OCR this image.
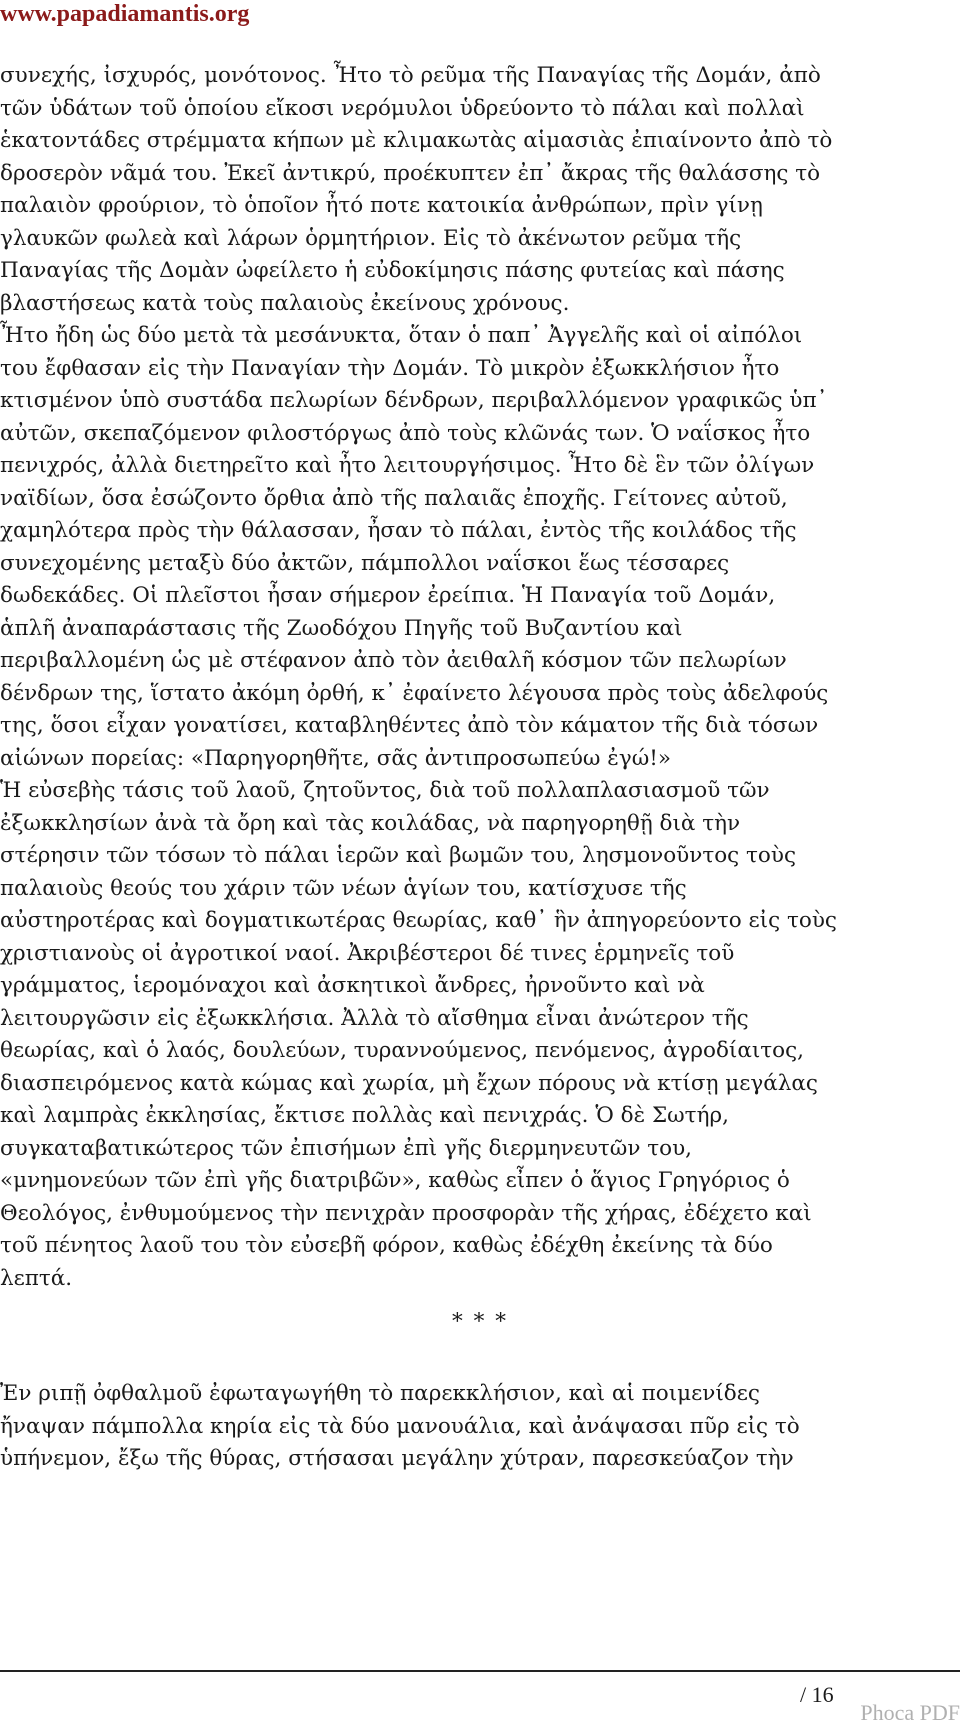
www.papadiamantis.org

συνεχής, ἰσχυρός, μονότονος. Ἦτο τὸ ρεῦμα τῆς Παναγίας τῆς Δομάν, ἀπὸ
τῶν ὑδάτων τοῦ ὁποίου εἴκοσι νερόμυλοι ὑδρεύοντο τὸ πάλαι καὶ πολλαὶ
ἑκατοντάδες στρέμματα κήπων μὲ κλιμακωτὰς αἱμασιὰς ἐπιαίνοντο ἀπὸ τὸ
δροσερὸν νᾶμά του. Ἐκεῖ ἀντικρύ, προέκυπτεν ἐπ᾽ ἄκρας τῆς θαλάσσης τὸ
παλαιὸν φρούριον, τὸ ὁποῖον ἦτό ποτε κατοικία ἀνθρώπων, πρὶν γίνῃ
γλαυκῶν φωλεὰ καὶ λάρων ὁρμητήριον. Εἰς τὸ ἀκένωτον ρεῦμα τῆς
Παναγίας τῆς Δομὰν ὠφείλετο ἡ εὐδοκίμησις πάσης φυτείας καὶ πάσης
βλαστήσεως κατὰ τοὺς παλαιοὺς ἐκείνους χρόνους.

Ἦτο ἤδη ὡς δύο μετὰ τὰ μεσάνυκτα, ὅταν ὁ παπ᾽ Ἀγγελῆς καὶ οἱ αἰπόλοι
του ἔφθασαν εἰς τὴν Παναγίαν τὴν Δομάν. Τὸ μικρὸν ἐξωκκλήσιον ἦτο
κτισμένον ὑπὸ συστάδα πελωρίων δένδρων, περιβαλλόμενον γραφικῶς ὑπ᾽
αὐτῶν, σκεπαζόμενον φιλοστόργως ἀπὸ τοὺς κλῶνάς των. Ὁ ναΐσκος ἦτο
πενιχρός, ἀλλὰ διετηρεῖτο καὶ ἦτο λειτουργήσιμος. Ἦτο δὲ ἓν τῶν ὀλίγων
ναϊδίων, ὅσα ἐσώζοντο ὄρθια ἀπὸ τῆς παλαιᾶς ἐποχῆς. Γείτονες αὐτοῦ,
χαμηλότερα πρὸς τὴν θάλασσαν, ἦσαν τὸ πάλαι, ἐντὸς τῆς κοιλάδος τῆς
συνεχομένης μεταξὺ δύο ἀκτῶν, πάμπολλοι ναΐσκοι ἕως τέσσαρες
δωδεκάδες. Οἱ πλεῖστοι ἦσαν σήμερον ἐρείπια. Ἡ Παναγία τοῦ Δομάν,
ἁπλῆ ἀναπαράστασις τῆς Ζωοδόχου Πηγῆς τοῦ Βυζαντίου καὶ
περιβαλλομένη ὡς μὲ στέφανον ἀπὸ τὸν ἀειθαλῆ κόσμον τῶν πελωρίων
δένδρων της, ἵστατο ἀκόμη ὀρθή, κ᾽ ἐφαίνετο λέγουσα πρὸς τοὺς ἀδελφούς
της, ὅσοι εἶχαν γονατίσει, καταβληθέντες ἀπὸ τὸν κάματον τῆς διὰ τόσων
αἰώνων πορείας: «Παρηγορηθῆτε, σᾶς ἀντιπροσωπεύω ἐγώ!»

Ἡ εὐσεβὴς τάσις τοῦ λαοῦ, ζητοῦντος, διὰ τοῦ πολλαπλασιασμοῦ τῶν
ἐξωκκλησίων ἀνὰ τὰ ὄρη καὶ τὰς κοιλάδας, νὰ παρηγορηθῇ διὰ τὴν
στέρησιν τῶν τόσων τὸ πάλαι ἱερῶν καὶ βωμῶν του, λησμονοῦντος τοὺς
παλαιοὺς θεούς του χάριν τῶν νέων ἁγίων του, κατίσχυσε τῆς
αὐστηροτέρας καὶ δογματικωτέρας θεωρίας, καθ᾽ ἣν ἀπηγορεύοντο εἰς τοὺς
χριστιανοὺς οἱ ἀγροτικοί ναοί. Ἀκριβέστεροι δέ τινες ἑρμηνεῖς τοῦ
γράμματος, ἱερομόναχοι καὶ ἀσκητικοὶ ἄνδρες, ἠρνοῦντο καὶ νὰ
λειτουργῶσιν εἰς ἐξωκκλήσια. Ἀλλὰ τὸ αἴσθημα εἶναι ἀνώτερον τῆς
θεωρίας, καὶ ὁ λαός, δουλεύων, τυραννούμενος, πενόμενος, ἀγροδίαιτος,
διασπειρόμενος κατὰ κώμας καὶ χωρία, μὴ ἔχων πόρους νὰ κτίσῃ μεγάλας
καὶ λαμπρὰς ἐκκλησίας, ἔκτισε πολλὰς καὶ πενιχράς. Ὁ δὲ Σωτήρ,
συγκαταβατικώτερος τῶν ἐπισήμων ἐπὶ γῆς διερμηνευτῶν του,
«μνημονεύων τῶν ἐπὶ γῆς διατριβῶν», καθὼς εἶπεν ὁ ἅγιος Γρηγόριος ὁ
Θεολόγος, ἐνθυμούμενος τὴν πενιχρὰν προσφορὰν τῆς χήρας, ἐδέχετο καὶ
τοῦ πένητος λαοῦ του τὸν εὐσεβῆ φόρον, καθὼς ἐδέχθη ἐκείνης τὰ δύο
λεπτά.

* * *

Ἐν ριπῇ ὀφθαλμοῦ ἐφωταγωγήθη τὸ παρεκκλήσιον, καὶ αἱ ποιμενίδες
ἤναψαν πάμπολλα κηρία εἰς τὰ δύο μανουάλια, καὶ ἀνάψασαι πῦρ εἰς τὸ
ὑπήνεμον, ἔξω τῆς θύρας, στήσασαι μεγάλην χύτραν, παρεσκεύαζον τὴν

/ 16
Phoca PDF
